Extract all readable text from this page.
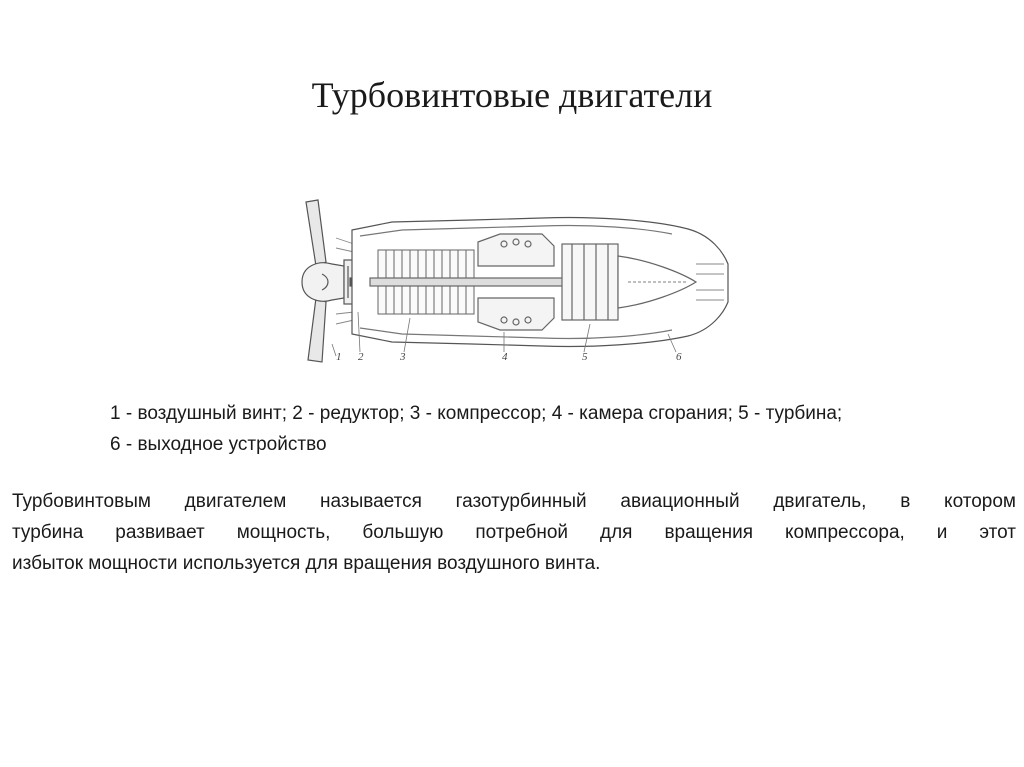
Турбовинтовые двигатели
1 2	3	4	5	6

1 - воздушный винт; 2 - редуктор; 3 - компрессор; 4 - камера сгорания; 5 - турбина;

6 - выходное устройство

Турбовинтовым двигателем называется газотурбинный авиационный двигатель, в котором
турбина развивает мощность, большую потребной для вращения компрессора, и этот
избыток мощности используется для вращения воздушного винта.
